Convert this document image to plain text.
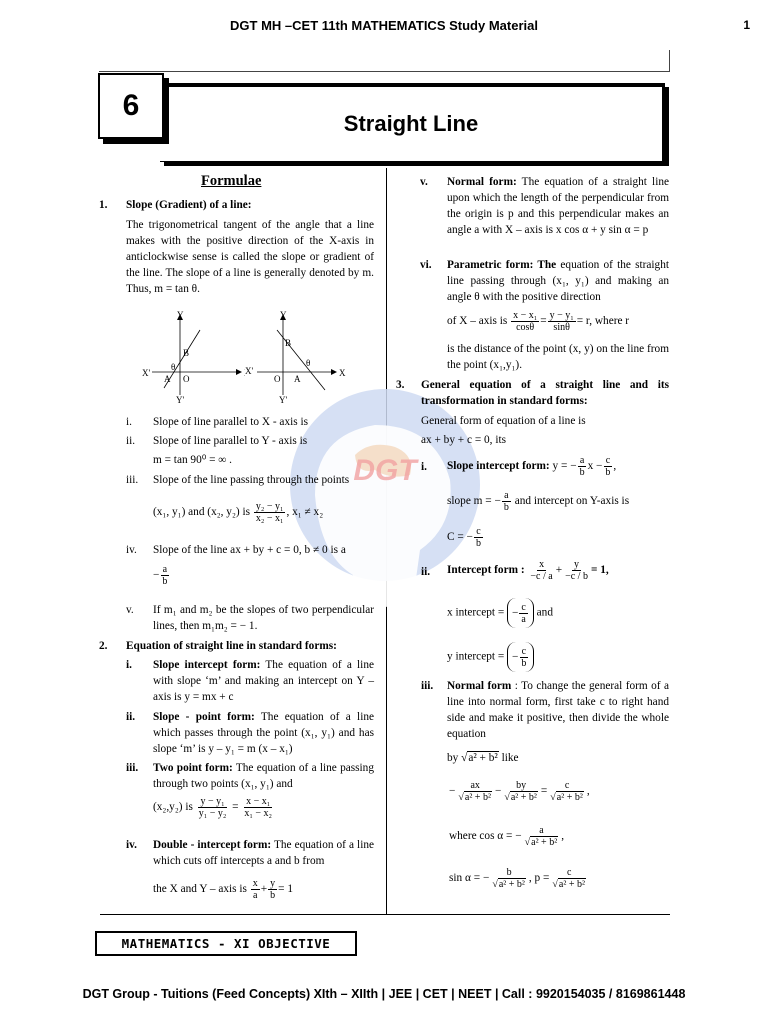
DGT MH –CET 11th MATHEMATICS Study Material	1
6
Straight Line
DGT
Formulae
1. Slope (Gradient) of a line:
The trigonometrical tangent of the angle that a line makes with the positive direction of the X-axis in anticlockwise sense is called the slope or gradient of the line. The slope of a line is generally denoted by m. Thus, m = tan θ.
Y
X'
Y'
A
B
O
θ
Y
X
X'
Y'
A
B
O
θ
i. Slope of line parallel to X - axis is
ii. Slope of line parallel to Y - axis is
m = tan 90⁰ = ∞ .
iii. Slope of the line passing through the points
(x₁, y₁) and (x₂, y₂) is $\frac{\text{y₂ − y₁}}{\text{x₂ − x₁}}$ , x₁ ≠ x₂
iv. Slope of the line ax + by + c = 0, b ≠ 0 is a
− $\frac{a}{b}$
v. If m₁ and m₂ be the slopes of two perpendicular lines, then m₁m₂ = − 1.
2. Equation of straight line in standard forms:
i. Slope intercept form: The equation of a line with slope ‘m’ and making an intercept on Y – axis is y = mx + c
ii. Slope - point form: The equation of a line which passes through the point (x₁, y₁) and has slope ‘m’ is y – y₁ = m (x – x₁)
iii. Two point form: The equation of a line passing through two points (x₁, y₁) and
(x₂,y₂) is $\frac{\text{y − y₁}}{\text{y₁ − y₂}} = \frac{\text{x − x₁}}{\text{x₁ − x₂}}$
iv. Double - intercept form: The equation of a line which cuts off intercepts a and b from
the X and Y – axis is $\frac{x}{a} + \frac{y}{b} = 1$
v. Normal form: The equation of a straight line upon which the length of the perpendicular from the origin is p and this perpendicular makes an angle a with X – axis is x cos α + y sin α = p
vi. Parametric form: The equation of the straight line passing through (x₁, y₁) and making an angle θ with the positive direction
of X – axis is $\frac{\text{x − x₁}}{\cos\theta} = \frac{\text{y − y₁}}{\sin\theta} = r$, where r
is the distance of the point (x, y) on the line from the point (x₁,y₁).
3. General equation of a straight line and its transformation in standard forms:
General form of equation of a line is
ax + by + c = 0, its
i. Slope intercept form: y = − $\frac{a}{b}$ $x - \frac{c}{b}$ ,
slope m = − $\frac{a}{b}$ and intercept on Y-axis is
C = − $\frac{c}{b}$
ii. Intercept form : $\frac{x}{-c / a} + \frac{y}{-c / b} = 1$,
x intercept = − $\frac{c}{a}$ and
y intercept = − $\frac{c}{b}$
iii. Normal form : To change the general form of a line into normal form, first take c to right hand side and make it positive, then divide the whole equation
by √a² + b² like
− $\frac{ax}{\text{√a² + b²}} - \frac{by}{\text{√a² + b²}} = \frac{c}{\text{√a² + b²}}$ ,
where cos α = − $\frac{a}{\text{√a² + b²}}$ ,
sin α = − $\frac{b}{\text{√a² + b²}}$ , $p = \frac{c}{\text{√a² + b²}}$
MATHEMATICS - XI OBJECTIVE
DGT Group - Tuitions (Feed Concepts) XIth – XIIth | JEE | CET | NEET | Call : 9920154035 / 8169861448
